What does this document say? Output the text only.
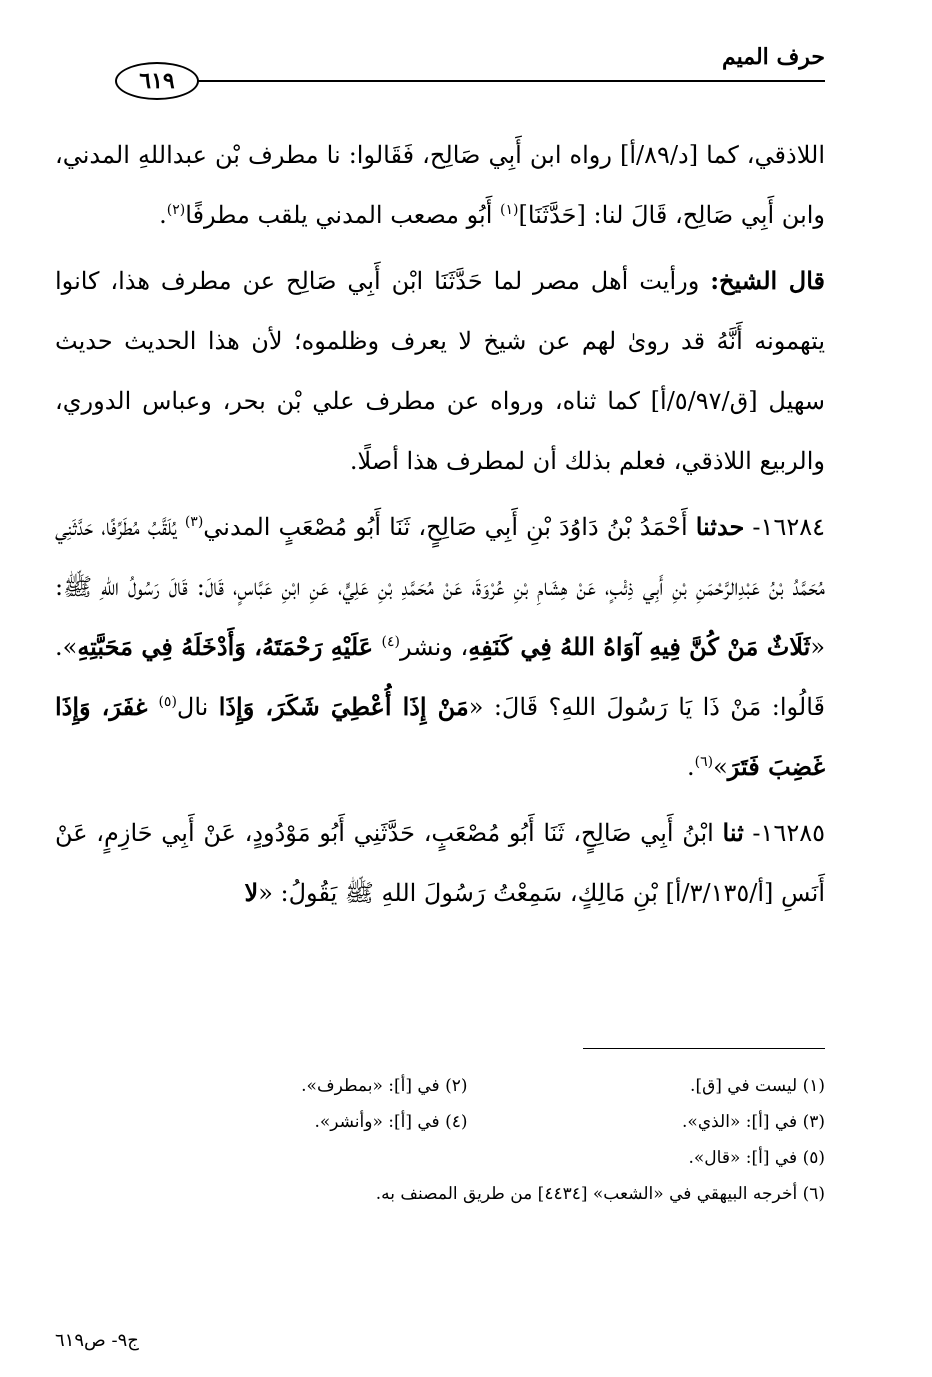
حرف الميم
٦١٩

اللاذقي، كما [د/٨٩/أ] رواه ابن أَبِي صَالِح، فَقَالوا: نا مطرف بْن عبداللهِ المدني، وابن أَبِي صَالِح، قَالَ لنا: [حَدَّثَنَا]$^{(١)}$ أَبُو مصعب المدني يلقب مطرفًا$^{(٢)}$.

قال الشيخ: ورأيت أهل مصر لما حَدَّثَنَا ابْن أَبِي صَالِح عن مطرف هذا، كانوا يتهمونه أَنَّهُ قد روىٰ لهم عن شيخ لا يعرف وظلموه؛ لأن هذا الحديث حديث سهيل [ق/٥/٩٧/أ] كما ثناه، ورواه عن مطرف علي بْن بحر، وعباس الدوري، والربيع اللاذقي، فعلم بذلك أن لمطرف هذا أصلًا.

١٦٢٨٤- حدثنا أَحْمَدُ بْنُ دَاوُدَ بْنِ أَبِي صَالِحٍ، ثَنَا أَبُو مُصْعَبٍ المدني$^{(٣)}$ يُلَقَّبُ مُطَرِّفًا، حَدَّثَنِي مُحَمَّدُ بْنُ عَبْدِالرَّحْمَنِ بْنِ أَبِي ذِئْبٍ، عَنْ هِشَامِ بْنِ عُرْوَةَ، عَنْ مُحَمَّدِ بْنِ عَلِيٍّ، عَنِ ابْنِ عَبَّاسٍ، قَالَ: قَالَ رَسُولُ اللهِ ﷺ: «ثَلَاثٌ مَنْ كُنَّ فِيهِ آوَاهُ اللهُ فِي كَنَفِهِ، ونشر$^{(٤)}$ عَلَيْهِ رَحْمَتَهُ، وَأَدْخَلَهُ فِي مَحَبَّتِهِ». قَالُوا: مَنْ ذَا يَا رَسُولَ اللهِ؟ قَالَ: «مَنْ إِذَا أُعْطِيَ شَكَرَ، وَإِذَا نال$^{(٥)}$ غفَرَ، وَإِذَا غَضِبَ فَتَرَ»$^{(٦)}$.

١٦٢٨٥- ثنا ابْنُ أَبِي صَالِحٍ، ثَنَا أَبُو مُصْعَبٍ، حَدَّثَنِي أَبُو مَوْدُودٍ، عَنْ أَبِي حَازِمٍ، عَنْ أَنَسِ [أ/٣/١٣٥/أ] بْنِ مَالِكٍ، سَمِعْتُ رَسُولَ اللهِ ﷺ يَقُولُ: «لا

(١) ليست في [ق].
(٢) في [أ]: «بمطرف».
(٣) في [أ]: «الذي».
(٤) في [أ]: «وأنشر».
(٥) في [أ]: «قال».
(٦) أخرجه البيهقي في «الشعب» [٤٤٣٤] من طريق المصنف به.
ج٩- ص٦١٩
